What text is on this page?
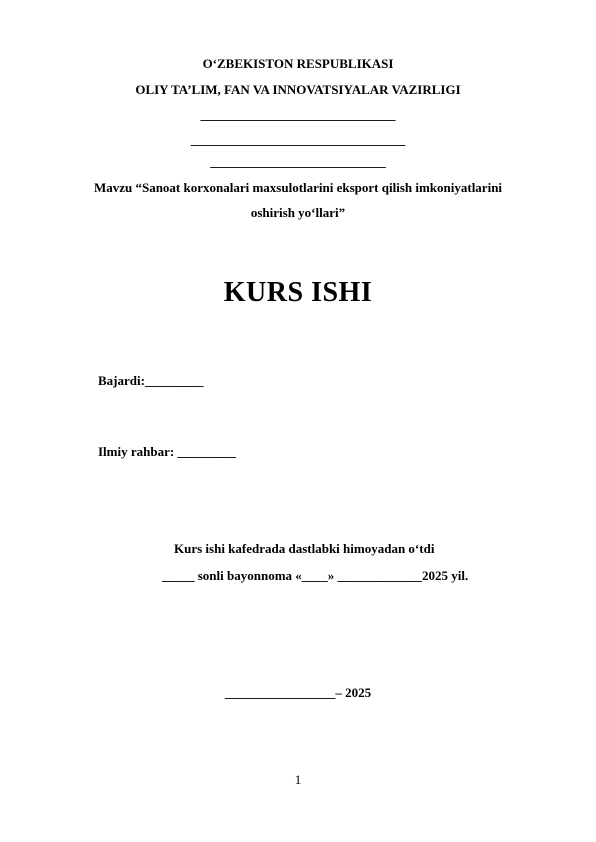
O‘ZBEKISTON RESPUBLIKASI
OLIY TA’LIM, FAN VA INNOVATSIYALAR VAZIRLIGI
______________________________
_________________________________
___________________________
Mavzu “Sanoat korxonalari maxsulotlarini eksport qilish imkoniyatlarini
oshirish yo‘llari”
KURS ISHI
Bajardi:_________
Ilmiy rahbar: _________
Kurs ishi kafedrada dastlabki himoyadan o‘tdi
_____ sonli bayonnoma «____» _____________2025 yil.
_________________– 2025
1
